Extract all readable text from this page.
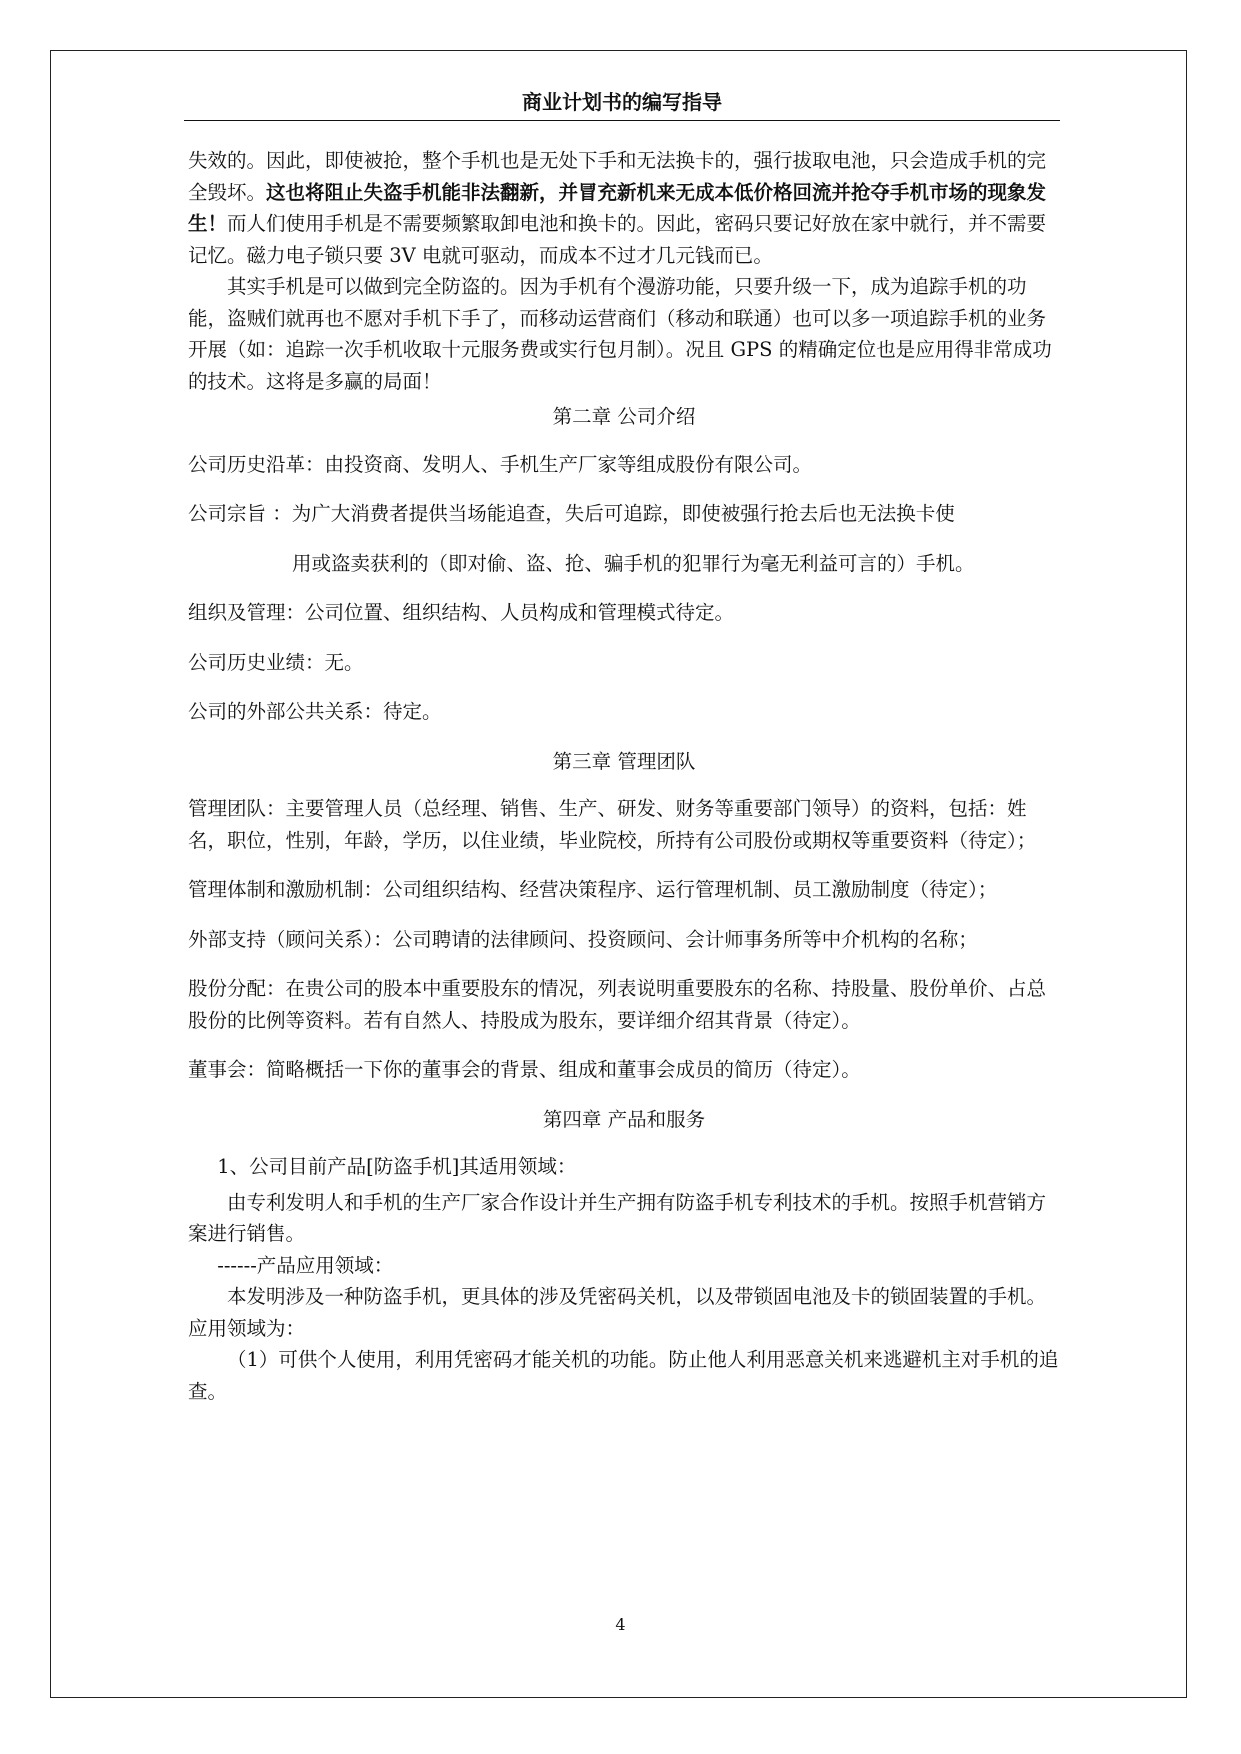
商业计划书的编写指导

失效的。因此，即使被抢，整个手机也是无处下手和无法换卡的，强行拔取电池，只会造成手机的完全毁坏。这也将阻止失盗手机能非法翻新，并冒充新机来无成本低价格回流并抢夺手机市场的现象发生！而人们使用手机是不需要频繁取卸电池和换卡的。因此，密码只要记好放在家中就行，并不需要记忆。磁力电子锁只要 3V 电就可驱动，而成本不过才几元钱而已。

其实手机是可以做到完全防盗的。因为手机有个漫游功能，只要升级一下，成为追踪手机的功能，盗贼们就再也不愿对手机下手了，而移动运营商们（移动和联通）也可以多一项追踪手机的业务开展（如：追踪一次手机收取十元服务费或实行包月制）。况且 GPS 的精确定位也是应用得非常成功的技术。这将是多赢的局面！

第二章 公司介绍

公司历史沿革：由投资商、发明人、手机生产厂家等组成股份有限公司。

公司宗旨 ：为广大消费者提供当场能追查，失后可追踪，即使被强行抢去后也无法换卡使

用或盗卖获利的（即对偷、盗、抢、骗手机的犯罪行为毫无利益可言的）手机。

组织及管理：公司位置、组织结构、人员构成和管理模式待定。

公司历史业绩：无。

公司的外部公共关系：待定。

第三章 管理团队

管理团队：主要管理人员（总经理、销售、生产、研发、财务等重要部门领导）的资料，包括：姓名，职位，性别，年龄，学历，以住业绩，毕业院校，所持有公司股份或期权等重要资料（待定）；

管理体制和激励机制：公司组织结构、经营决策程序、运行管理机制、员工激励制度（待定）；

外部支持（顾问关系）：公司聘请的法律顾问、投资顾问、会计师事务所等中介机构的名称；

股份分配：在贵公司的股本中重要股东的情况，列表说明重要股东的名称、持股量、股份单价、占总股份的比例等资料。若有自然人、持股成为股东，要详细介绍其背景（待定）。

董事会：简略概括一下你的董事会的背景、组成和董事会成员的简历（待定）。

第四章 产品和服务

1、公司目前产品[防盗手机]其适用领域：

由专利发明人和手机的生产厂家合作设计并生产拥有防盗手机专利技术的手机。按照手机营销方案进行销售。

------产品应用领域：

本发明涉及一种防盗手机，更具体的涉及凭密码关机，以及带锁固电池及卡的锁固装置的手机。应用领域为：

（1）可供个人使用，利用凭密码才能关机的功能。防止他人利用恶意关机来逃避机主对手机的追查。

4
